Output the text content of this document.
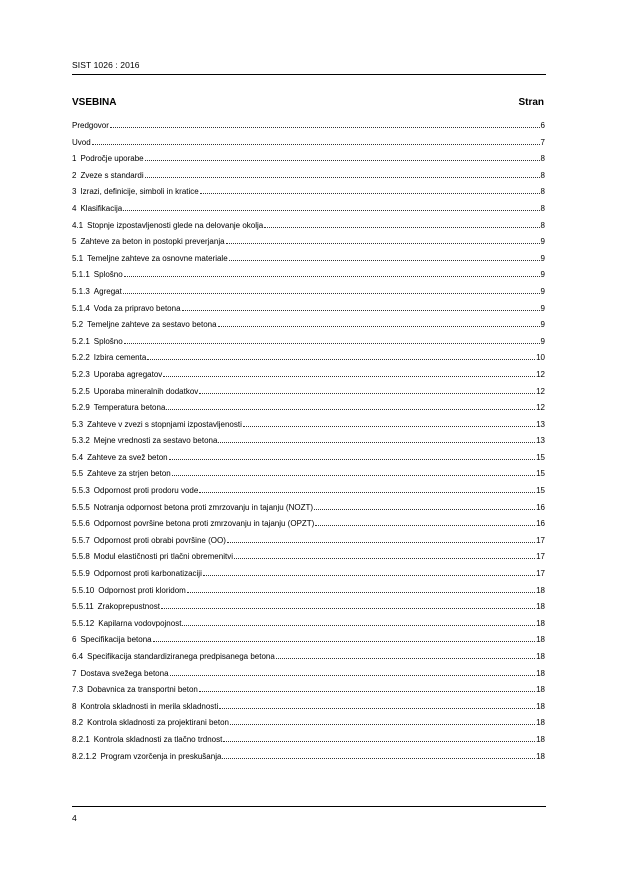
SIST 1026 : 2016
VSEBINA	Stran
Predgovor	6
Uvod	7
1 Področje uporabe	8
2 Zveze s standardi	8
3 Izrazi, definicije, simboli in kratice	8
4 Klasifikacija	8
4.1 Stopnje izpostavljenosti glede na delovanje okolja	8
5 Zahteve za beton in postopki preverjanja	9
5.1 Temeljne zahteve za osnovne materiale	9
5.1.1 Splošno	9
5.1.3 Agregat	9
5.1.4 Voda za pripravo betona	9
5.2 Temeljne zahteve za sestavo betona	9
5.2.1 Splošno	9
5.2.2 Izbira cementa	10
5.2.3 Uporaba agregatov	12
5.2.5 Uporaba mineralnih dodatkov	12
5.2.9 Temperatura betona	12
5.3 Zahteve v zvezi s stopnjami izpostavljenosti	13
5.3.2 Mejne vrednosti za sestavo betona	13
5.4 Zahteve za svež beton	15
5.5 Zahteve za strjen beton	15
5.5.3 Odpornost proti prodoru vode	15
5.5.5 Notranja odpornost betona proti zmrzovanju in tajanju (NOZT)	16
5.5.6 Odpornost površine betona proti zmrzovanju in tajanju (OPZT)	16
5.5.7 Odpornost proti obrabi površine (OO)	17
5.5.8 Modul elastičnosti pri tlačni obremenitvi	17
5.5.9 Odpornost proti karbonatizaciji	17
5.5.10 Odpornost proti kloridom	18
5.5.11 Zrakoprepustnost	18
5.5.12 Kapilarna vodovpojnost	18
6 Specifikacija betona	18
6.4 Specifikacija standardiziranega predpisanega betona	18
7 Dostava svežega betona	18
7.3 Dobavnica za transportni beton	18
8 Kontrola skladnosti in merila skladnosti	18
8.2 Kontrola skladnosti za projektirani beton	18
8.2.1 Kontrola skladnosti za tlačno trdnost	18
8.2.1.2 Program vzorčenja in preskušanja	18
4
